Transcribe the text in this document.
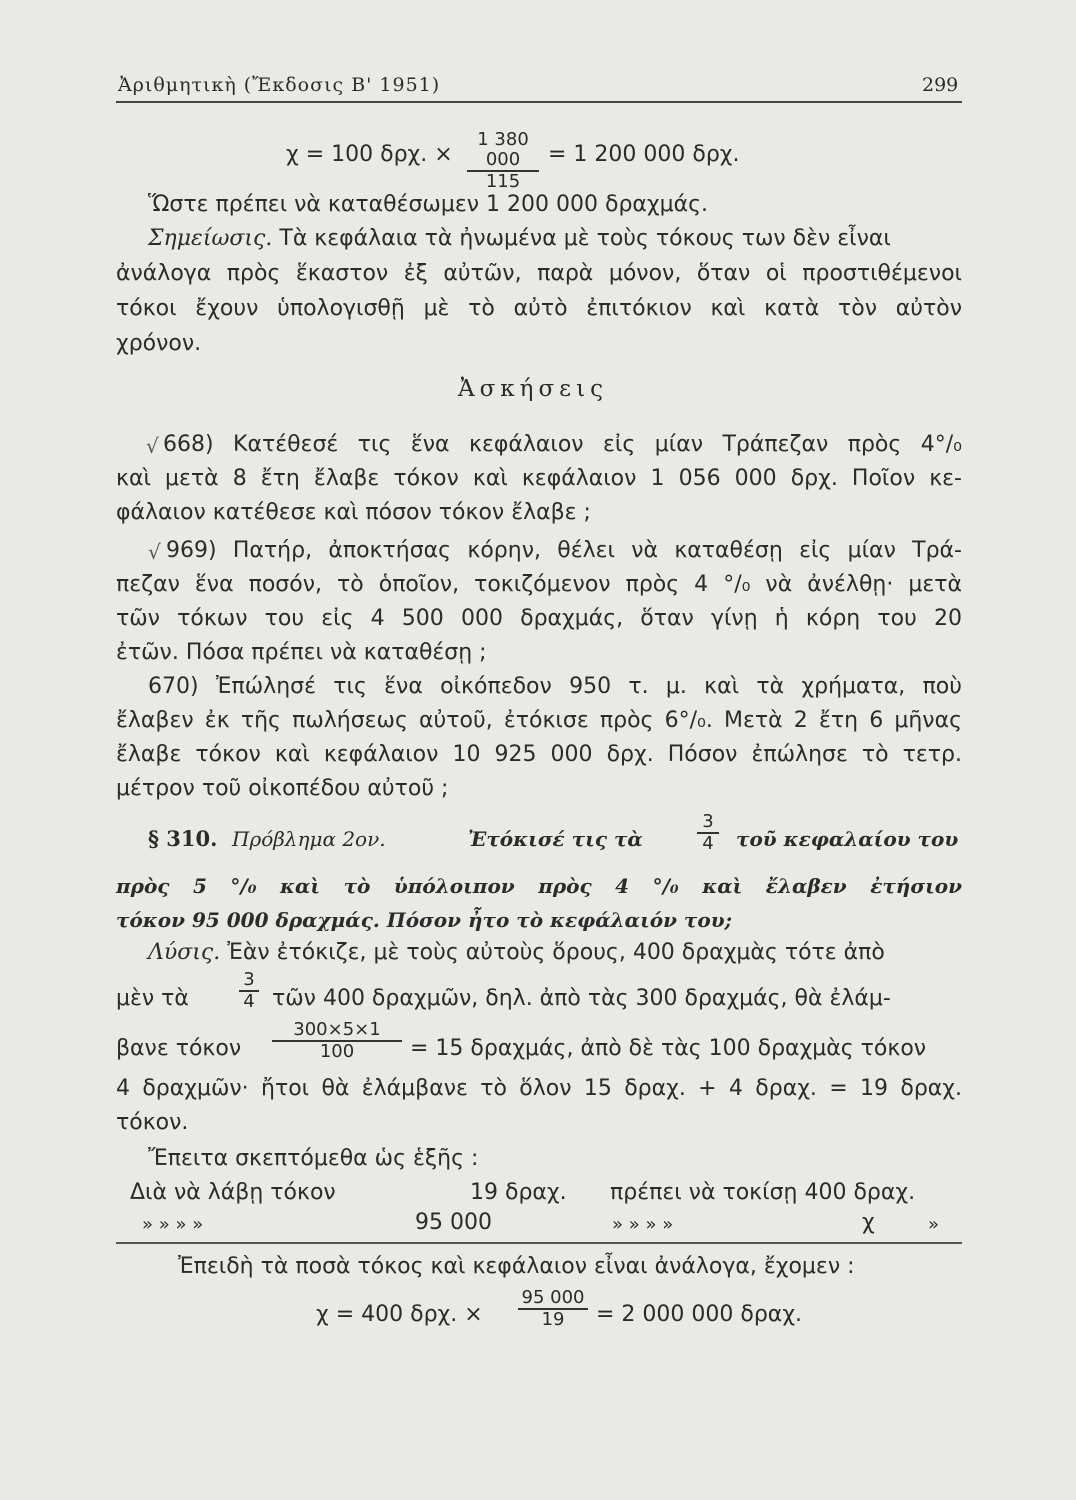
Ἀριθμητικὴ (Ἔκδοσις Β' 1951)	299
χ = 100 δρχ. ×
1 380 000
115
= 1 200 000 δρχ.
Ὥστε πρέπει νὰ καταθέσωμεν 1 200 000 δραχμάς.
Σημείωσις. Τὰ κεφάλαια τὰ ἠνωμένα μὲ τοὺς τόκους των δὲν εἶναι
ἀνάλογα πρὸς ἕκαστον ἐξ αὐτῶν, παρὰ μόνον, ὅταν οἱ προστιθέμενοι
τόκοι ἔχουν ὑπολογισθῇ μὲ τὸ αὐτὸ ἐπιτόκιον καὶ κατὰ τὸν αὐτὸν
χρόνον.
Ἀσκήσεις
√ 668) Κατέθεσέ τις ἕνα κεφάλαιον εἰς μίαν Τράπεζαν πρὸς 4°/₀
καὶ μετὰ 8 ἔτη ἔλαβε τόκον καὶ κεφάλαιον 1 056 000 δρχ. Ποῖον κε-
φάλαιον κατέθεσε καὶ πόσον τόκον ἔλαβε ;
√ 969) Πατήρ, ἀποκτήσας κόρην, θέλει νὰ καταθέσῃ εἰς μίαν Τρά-
πεζαν ἕνα ποσόν, τὸ ὁποῖον, τοκιζόμενον πρὸς 4 °/₀ νὰ ἀνέλθῃ· μετὰ
τῶν τόκων του εἰς 4 500 000 δραχμάς, ὅταν γίνῃ ἡ κόρη του 20
ἐτῶν. Πόσα πρέπει νὰ καταθέσῃ ;
670) Ἐπώλησέ τις ἕνα οἰκόπεδον 950 τ. μ. καὶ τὰ χρήματα, ποὺ
ἔλαβεν ἐκ τῆς πωλήσεως αὐτοῦ, ἐτόκισε πρὸς 6°/₀. Μετὰ 2 ἔτη 6 μῆνας
ἔλαβε τόκον καὶ κεφάλαιον 10 925 000 δρχ. Πόσον ἐπώλησε τὸ τετρ.
μέτρον τοῦ οἰκοπέδου αὐτοῦ ;
§ 310. Πρόβλημα 2ον.	Ἐτόκισέ τις τὰ
3
4 τοῦ κεφαλαίου του
πρὸς 5 °/₀ καὶ τὸ ὑπόλοιπον πρὸς 4 °/₀ καὶ ἔλαβεν ἐτήσιον
τόκον 95 000 δραχμάς. Πόσον ἦτο τὸ κεφάλαιόν του;
Λύσις. Ἐὰν ἐτόκιζε, μὲ τοὺς αὐτοὺς ὅρους, 400 δραχμὰς τότε ἀπὸ
μὲν τὰ
3
4 τῶν 400 δραχμῶν, δηλ. ἀπὸ τὰς 300 δραχμάς, θὰ ἐλάμ-
βανε τόκον
300×5×1
100	= 15 δραχμάς, ἀπὸ δὲ τὰς 100 δραχμὰς τόκον
4 δραχμῶν· ἤτοι θὰ ἐλάμβανε τὸ ὅλον 15 δραχ. + 4 δραχ. = 19 δραχ.
τόκον.
Ἔπειτα σκεπτόμεθα ὡς ἑξῆς :
Διὰ νὰ λάβῃ τόκον	19 δραχ. πρέπει νὰ τοκίσῃ 400 δραχ.
» » » »	95 000	» » » »	χ	»
Ἐπειδὴ τὰ ποσὰ τόκος καὶ κεφάλαιον εἶναι ἀνάλογα, ἔχομεν :
χ = 400 δρχ. ×
95 000
19	= 2 000 000 δραχ.
